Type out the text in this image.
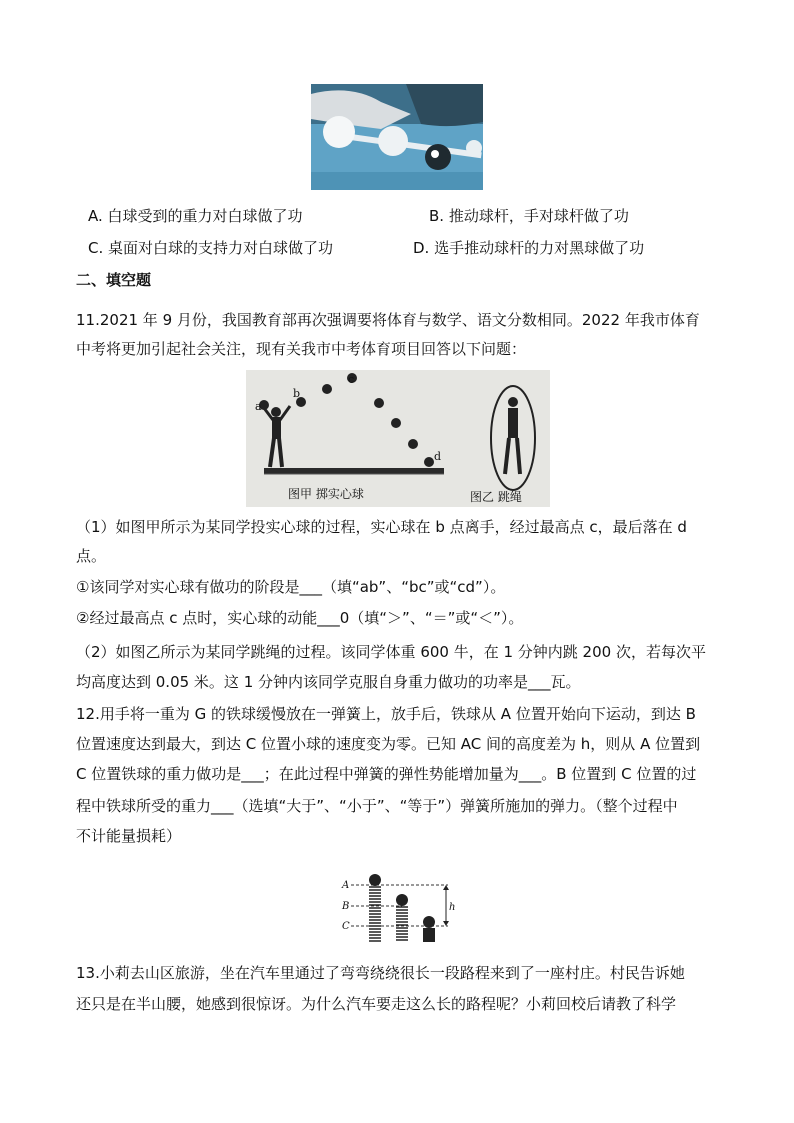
A. 白球受到的重力对白球做了功	B. 推动球杆，手对球杆做了功
C. 桌面对白球的支持力对白球做了功	D. 选手推动球杆的力对黑球做了功
二、填空题
11.2021 年 9 月份，我国教育部再次强调要将体育与数学、语文分数相同。2022 年我市体育
中考将更加引起社会关注，现有关我市中考体育项目回答以下问题：
a
b
c
d
图甲 掷实心球	图乙 跳绳
（1）如图甲所示为某同学投实心球的过程，实心球在 b 点离手，经过最高点 c，最后落在 d
点。
①该同学对实心球有做功的阶段是___（填“ab”、“bc”或“cd”）。
②经过最高点 c 点时，实心球的动能___0（填“＞”、“＝”或“＜”）。
（2）如图乙所示为某同学跳绳的过程。该同学体重 600 牛，在 1 分钟内跳 200 次，若每次平
均高度达到 0.05 米。这 1 分钟内该同学克服自身重力做功的功率是___瓦。
12.用手将一重为 G 的铁球缓慢放在一弹簧上，放手后，铁球从 A 位置开始向下运动，到达 B
位置速度达到最大，到达 C 位置小球的速度变为零。已知 AC 间的高度差为 h，则从 A 位置到
C 位置铁球的重力做功是___；在此过程中弹簧的弹性势能增加量为___。B 位置到 C 位置的过
程中铁球所受的重力___（选填“大于”、“小于”、“等于”）弹簧所施加的弹力。（整个过程中
不计能量损耗）
A
B
C
h
13.小莉去山区旅游，坐在汽车里通过了弯弯绕绕很长一段路程来到了一座村庄。村民告诉她
还只是在半山腰，她感到很惊讶。为什么汽车要走这么长的路程呢？小莉回校后请教了科学
